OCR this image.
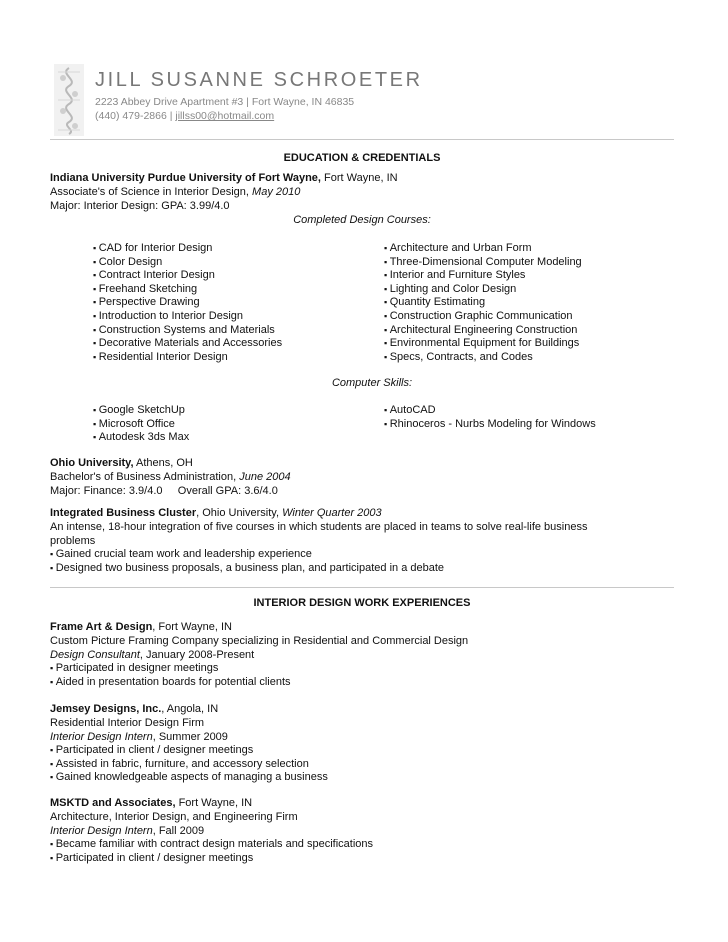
JILL SUSANNE SCHROETER
2223 Abbey Drive Apartment #3 | Fort Wayne, IN 46835
(440) 479-2866 | jillss00@hotmail.com
EDUCATION & CREDENTIALS
Indiana University Purdue University of Fort Wayne, Fort Wayne, IN
Associate's of Science in Interior Design, May 2010
Major: Interior Design: GPA: 3.99/4.0
Completed Design Courses:
▪ CAD for Interior Design
▪ Color Design
▪ Contract Interior Design
▪ Freehand Sketching
▪ Perspective Drawing
▪ Introduction to Interior Design
▪ Construction Systems and Materials
▪ Decorative Materials and Accessories
▪ Residential Interior Design
▪ Architecture and Urban Form
▪ Three-Dimensional Computer Modeling
▪ Interior and Furniture Styles
▪ Lighting and Color Design
▪ Quantity Estimating
▪ Construction Graphic Communication
▪ Architectural Engineering Construction
▪ Environmental Equipment for Buildings
▪ Specs, Contracts, and Codes
Computer Skills:
▪ Google SketchUp
▪ Microsoft Office
▪ Autodesk 3ds Max
▪ AutoCAD
▪ Rhinoceros - Nurbs Modeling for Windows
Ohio University, Athens, OH
Bachelor's of Business Administration, June 2004
Major: Finance: 3.9/4.0     Overall GPA: 3.6/4.0
Integrated Business Cluster, Ohio University, Winter Quarter 2003
An intense, 18-hour integration of five courses in which students are placed in teams to solve real-life business
problems
▪ Gained crucial team work and leadership experience
▪ Designed two business proposals, a business plan, and participated in a debate
INTERIOR DESIGN WORK EXPERIENCES
Frame Art & Design, Fort Wayne, IN
Custom Picture Framing Company specializing in Residential and Commercial Design
Design Consultant, January 2008-Present
▪ Participated in designer meetings
▪ Aided in presentation boards for potential clients
Jemsey Designs, Inc., Angola, IN
Residential Interior Design Firm
Interior Design Intern, Summer 2009
▪ Participated in client / designer meetings
▪ Assisted in fabric, furniture, and accessory selection
▪ Gained knowledgeable aspects of managing a business
MSKTD and Associates, Fort Wayne, IN
Architecture, Interior Design, and Engineering Firm
Interior Design Intern, Fall 2009
▪ Became familiar with contract design materials and specifications
▪ Participated in client / designer meetings
